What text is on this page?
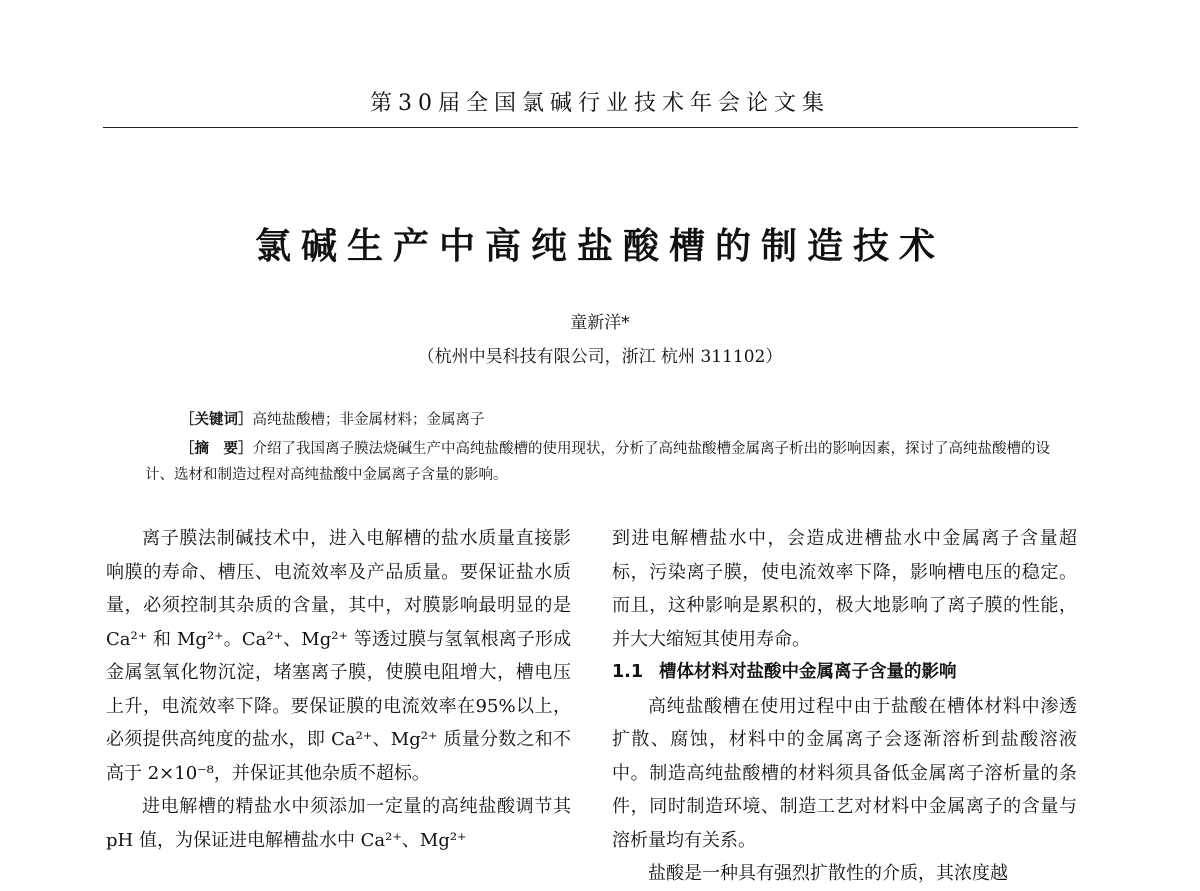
第30届全国氯碱行业技术年会论文集
氯碱生产中高纯盐酸槽的制造技术
童新洋*
（杭州中昊科技有限公司，浙江 杭州 311102）
［关键词］高纯盐酸槽；非金属材料；金属离子
［摘　要］介绍了我国离子膜法烧碱生产中高纯盐酸槽的使用现状，分析了高纯盐酸槽金属离子析出的影响因素，探讨了高纯盐酸槽的设计、选材和制造过程对高纯盐酸中金属离子含量的影响。

离子膜法制碱技术中，进入电解槽的盐水质量直接影响膜的寿命、槽压、电流效率及产品质量。要保证盐水质量，必须控制其杂质的含量，其中，对膜影响最明显的是 Ca²⁺ 和 Mg²⁺。Ca²⁺、Mg²⁺ 等透过膜与氢氧根离子形成金属氢氧化物沉淀，堵塞离子膜，使膜电阻增大，槽电压上升，电流效率下降。要保证膜的电流效率在95%以上，必须提供高纯度的盐水，即 Ca²⁺、Mg²⁺ 质量分数之和不高于 2×10⁻⁸，并保证其他杂质不超标。

进电解槽的精盐水中须添加一定量的高纯盐酸调节其 pH 值，为保证进电解槽盐水中 Ca²⁺、Mg²⁺

到进电解槽盐水中，会造成进槽盐水中金属离子含量超标，污染离子膜，使电流效率下降，影响槽电压的稳定。而且，这种影响是累积的，极大地影响了离子膜的性能，并大大缩短其使用寿命。

1.1 槽体材料对盐酸中金属离子含量的影响

高纯盐酸槽在使用过程中由于盐酸在槽体材料中渗透扩散、腐蚀，材料中的金属离子会逐渐溶析到盐酸溶液中。制造高纯盐酸槽的材料须具备低金属离子溶析量的条件，同时制造环境、制造工艺对材料中金属离子的含量与溶析量均有关系。

盐酸是一种具有强烈扩散性的介质，其浓度越
